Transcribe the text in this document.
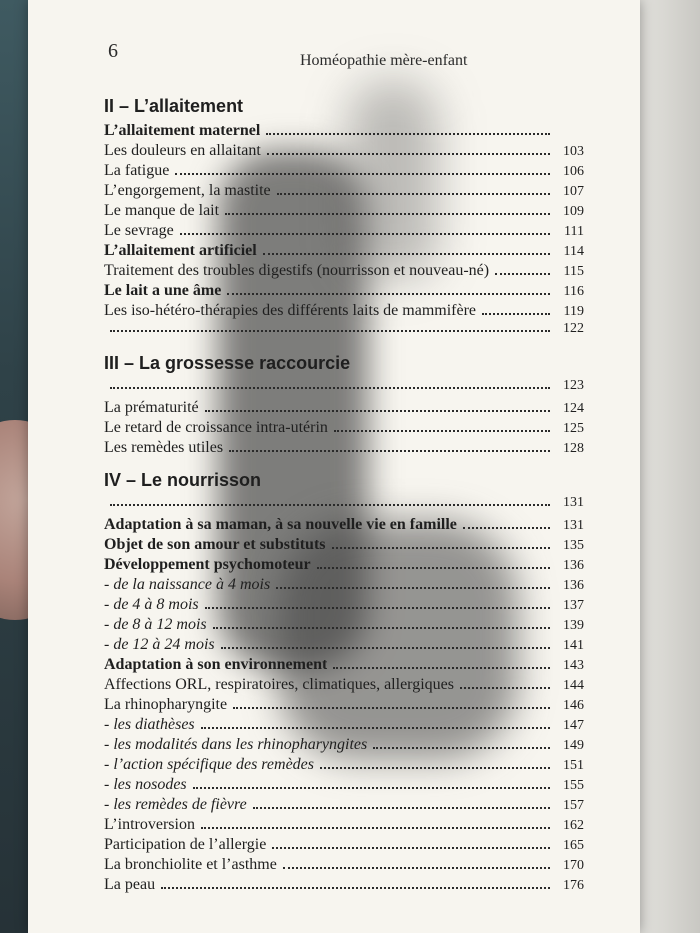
6	Homéopathie mère-enfant
II – L’allaitement
L’allaitement maternel
Les douleurs en allaitant	103
La fatigue	106
L’engorgement, la mastite	107
Le manque de lait	109
Le sevrage	111
L’allaitement artificiel	114
Traitement des troubles digestifs (nourrisson et nouveau-né)	115
Le lait a une âme	116
Les iso-hétéro-thérapies des différents laits de mammifère	119
122
III – La grossesse raccourcie
123
La prématurité	124
Le retard de croissance intra-utérin	125
Les remèdes utiles	128
IV – Le nourrisson
131
Adaptation à sa maman, à sa nouvelle vie en famille	131
Objet de son amour et substituts	135
Développement psychomoteur	136
- de la naissance à 4 mois	136
- de 4 à 8 mois	137
- de 8 à 12 mois	139
- de 12 à 24 mois	141
Adaptation à son environnement	143
Affections ORL, respiratoires, climatiques, allergiques	144
La rhinopharyngite	146
- les diathèses	147
- les modalités dans les rhinopharyngites	149
- l’action spécifique des remèdes	151
- les nosodes	155
- les remèdes de fièvre	157
L’introversion	162
Participation de l’allergie	165
La bronchiolite et l’asthme	170
La peau	176
